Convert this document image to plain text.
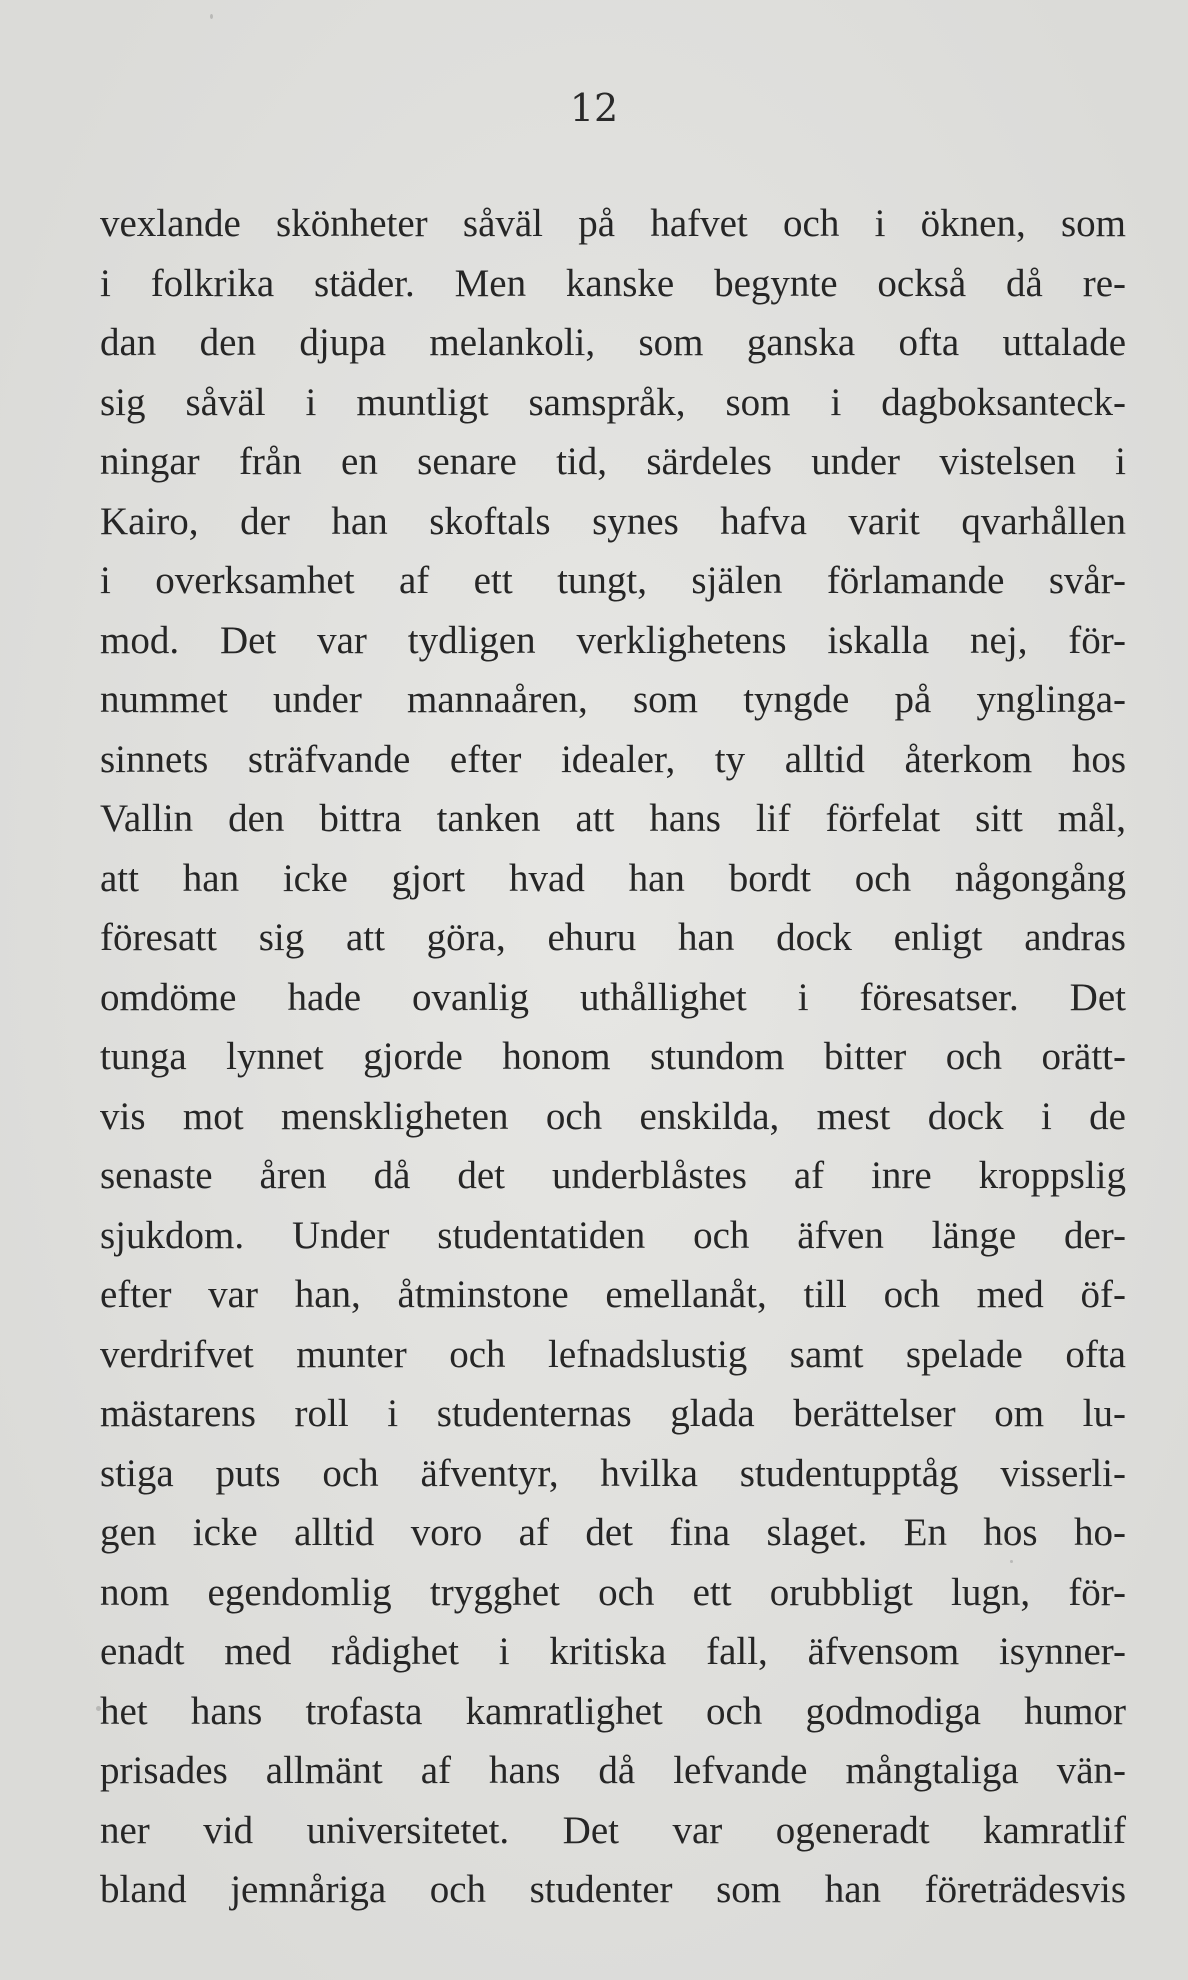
12
vexlande skönheter såväl på hafvet och i öknen, som
i folkrika städer. Men kanske begynte också då re-
dan den djupa melankoli, som ganska ofta uttalade
sig såväl i muntligt samspråk, som i dagboksanteck-
ningar från en senare tid, särdeles under vistelsen i
Kairo, der han skoftals synes hafva varit qvarhållen
i overksamhet af ett tungt, själen förlamande svår-
mod. Det var tydligen verklighetens iskalla nej, för-
nummet under mannaåren, som tyngde på ynglinga-
sinnets sträfvande efter idealer, ty alltid återkom hos
Vallin den bittra tanken att hans lif förfelat sitt mål,
att han icke gjort hvad han bordt och någongång
föresatt sig att göra, ehuru han dock enligt andras
omdöme hade ovanlig uthållighet i föresatser. Det
tunga lynnet gjorde honom stundom bitter och orätt-
vis mot menskligheten och enskilda, mest dock i de
senaste åren då det underblåstes af inre kroppslig
sjukdom. Under studentatiden och äfven länge der-
efter var han, åtminstone emellanåt, till och med öf-
verdrifvet munter och lefnadslustig samt spelade ofta
mästarens roll i studenternas glada berättelser om lu-
stiga puts och äfventyr, hvilka studentupptåg visserli-
gen icke alltid voro af det fina slaget. En hos ho-
nom egendomlig trygghet och ett orubbligt lugn, för-
enadt med rådighet i kritiska fall, äfvensom isynner-
het hans trofasta kamratlighet och godmodiga humor
prisades allmänt af hans då lefvande mångtaliga vän-
ner vid universitetet. Det var ogeneradt kamratlif
bland jemnåriga och studenter som han företrädesvis
